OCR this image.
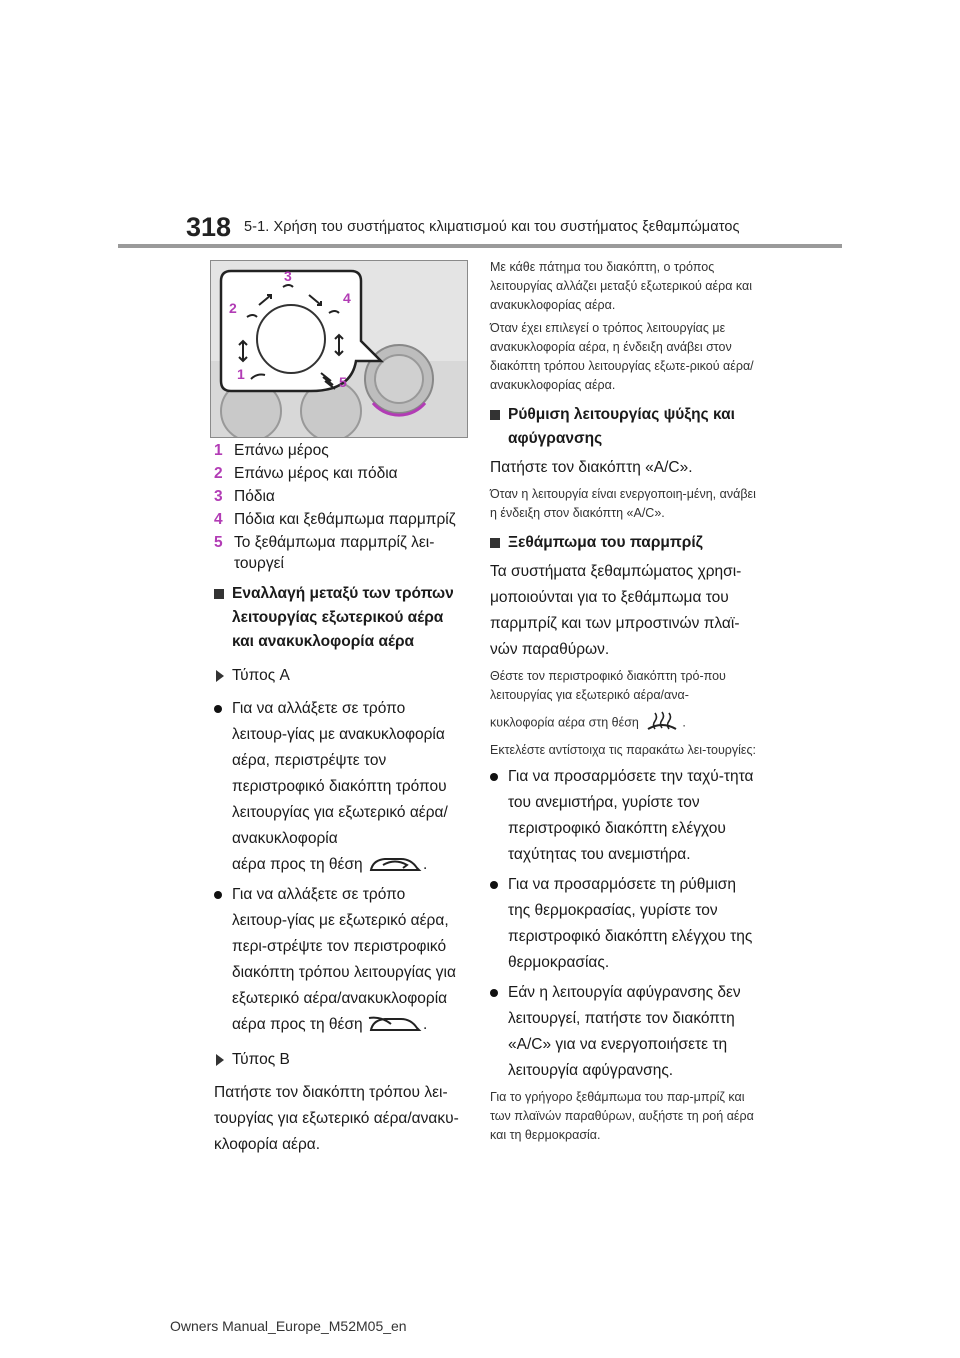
318 5-1. Χρήση του συστήματος κλιματισμού και του συστήματος ξεθαμπώματος
3
2
4
1	5
1 Επάνω μέρος
2 Επάνω μέρος και πόδια
3 Πόδια
4 Πόδια και ξεθάμπωμα παρμπρίζ
5 Το ξεθάμπωμα παρμπρίζ λει-τουργεί
Εναλλαγή μεταξύ των τρόπων λειτουργίας εξωτερικού αέρα και ανακυκλοφορία αέρα
Τύπος A
Για να αλλάξετε σε τρόπο λειτουρ-γίας με ανακυκλοφορία αέρα, περιστρέψτε τον περιστροφικό διακόπτη τρόπου λειτουργίας για εξωτερικό αέρα/ανακυκλοφορία
αέρα προς τη θέση	.
Για να αλλάξετε σε τρόπο λειτουρ-γίας με εξωτερικό αέρα, περι-στρέψτε τον περιστροφικό διακόπτη τρόπου λειτουργίας για εξωτερικό αέρα/ανακυκλοφορία
αέρα προς τη θέση	.
Τύπος B
Πατήστε τον διακόπτη τρόπου λει-τουργίας για εξωτερικό αέρα/ανακυ-κλοφορία αέρα.
Με κάθε πάτημα του διακόπτη, ο τρόπος λειτουργίας αλλάζει μεταξύ εξωτερικού αέρα και ανακυκλοφορίας αέρα.
Όταν έχει επιλεγεί ο τρόπος λειτουργίας με ανακυκλοφορία αέρα, η ένδειξη ανάβει στον διακόπτη τρόπου λειτουργίας εξωτε-ρικού αέρα/ανακυκλοφορίας αέρα.
Ρύθμιση λειτουργίας ψύξης και αφύγρανσης
Πατήστε τον διακόπτη «A/C».
Όταν η λειτουργία είναι ενεργοποιη-μένη, ανάβει η ένδειξη στον διακόπτη «A/C».
Ξεθάμπωμα του παρμπρίζ
Τα συστήματα ξεθαμπώματος χρησι-μοποιούνται για το ξεθάμπωμα του παρμπρίζ και των μπροστινών πλαϊ-νών παραθύρων.
Θέστε τον περιστροφικό διακόπτη τρό-που λειτουργίας για εξωτερικό αέρα/ανα-
κυκλοφορία αέρα στη θέση	.
Εκτελέστε αντίστοιχα τις παρακάτω λει-τουργίες:
Για να προσαρμόσετε την ταχύ-τητα του ανεμιστήρα, γυρίστε τον περιστροφικό διακόπτη ελέγχου ταχύτητας του ανεμιστήρα.
Για να προσαρμόσετε τη ρύθμιση της θερμοκρασίας, γυρίστε τον περιστροφικό διακόπτη ελέγχου της θερμοκρασίας.
Εάν η λειτουργία αφύγρανσης δεν λειτουργεί, πατήστε τον διακόπτη «A/C» για να ενεργοποιήσετε τη λειτουργία αφύγρανσης.
Για το γρήγορο ξεθάμπωμα του παρ-μπρίζ και των πλαϊνών παραθύρων, αυξήστε τη ροή αέρα και τη θερμοκρασία.
Owners Manual_Europe_M52M05_en
